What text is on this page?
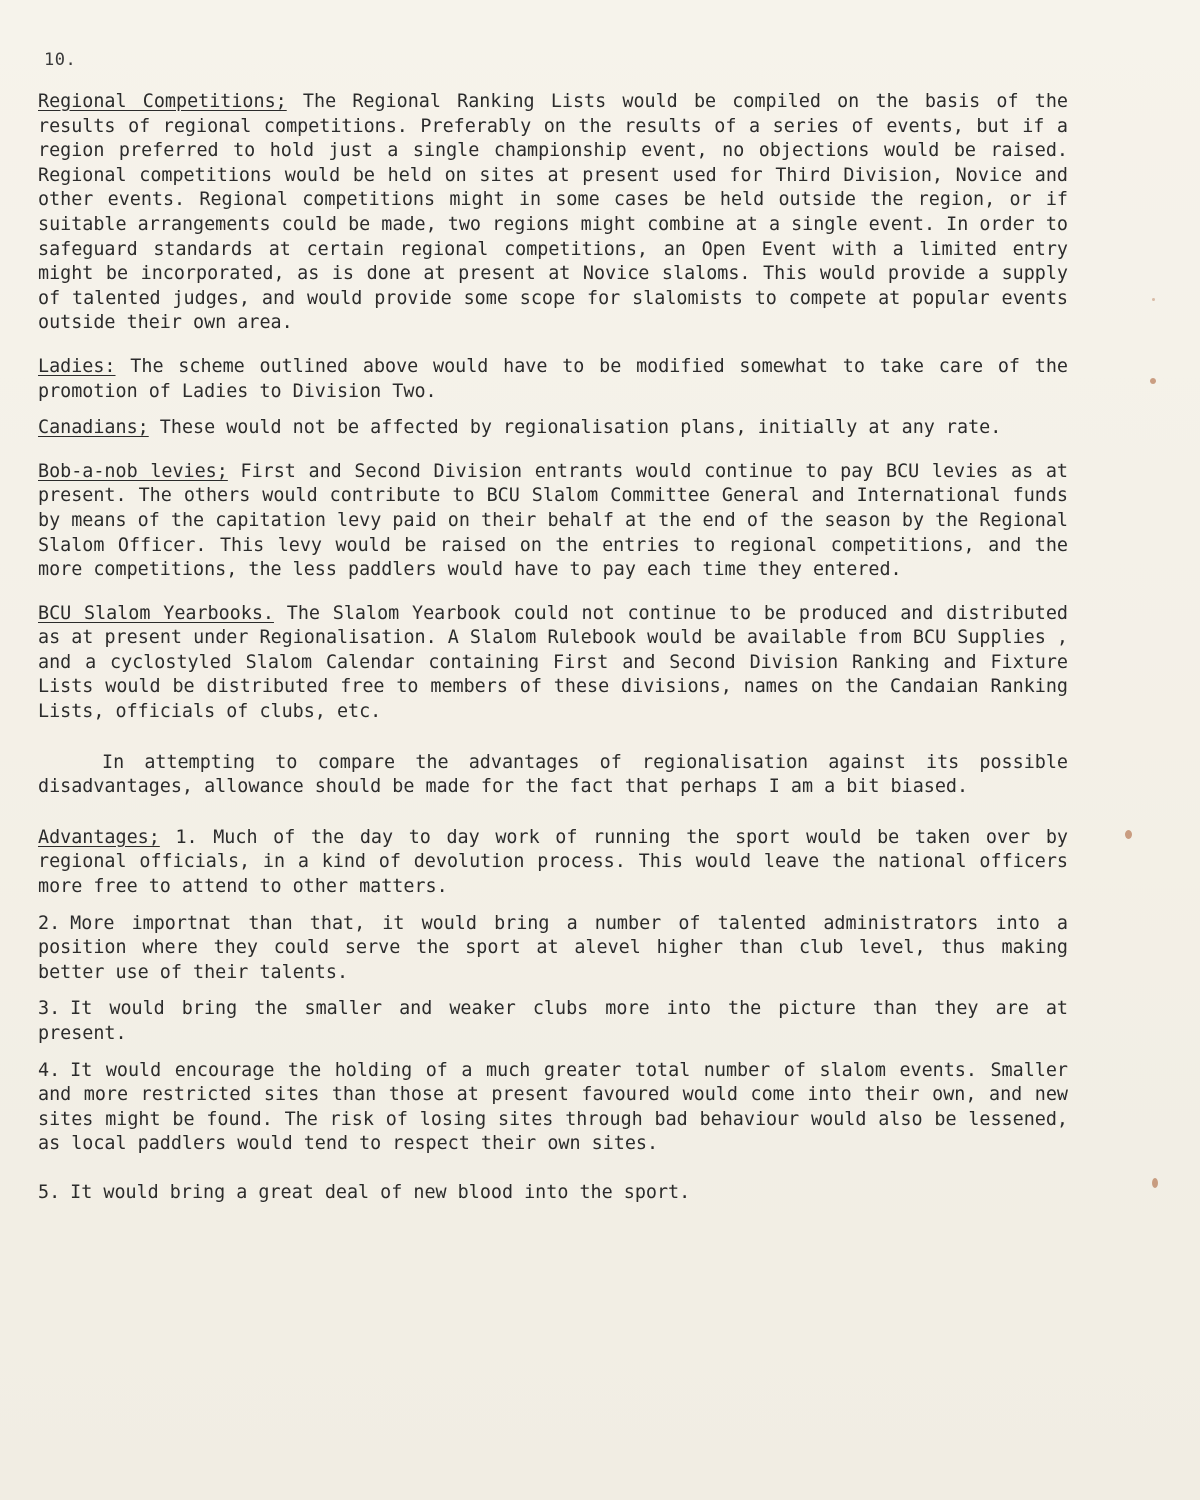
10.

Regional Competitions; The Regional Ranking Lists would be compiled on the basis of the results of regional competitions. Preferably on the results of a series of events, but if a region preferred to hold just a single championship event, no objections would be raised. Regional competitions would be held on sites at present used for Third Division, Novice and other events. Regional competitions might in some cases be held outside the region, or if suitable arrangements could be made, two regions might combine at a single event. In order to safeguard standards at certain regional competitions, an Open Event with a limited entry might be incorporated, as is done at present at Novice slaloms. This would provide a supply of talented judges, and would provide some scope for slalomists to compete at popular events outside their own area.

Ladies: The scheme outlined above would have to be modified somewhat to take care of the promotion of Ladies to Division Two.

Canadians; These would not be affected by regionalisation plans, initially at any rate.

Bob-a-nob levies; First and Second Division entrants would continue to pay BCU levies as at present. The others would contribute to BCU Slalom Committee General and International funds by means of the capitation levy paid on their behalf at the end of the season by the Regional Slalom Officer. This levy would be raised on the entries to regional competitions, and the more competitions, the less paddlers would have to pay each time they entered.

BCU Slalom Yearbooks. The Slalom Yearbook could not continue to be produced and distributed as at present under Regionalisation. A Slalom Rulebook would be available from BCU Supplies , and a cyclostyled Slalom Calendar containing First and Second Division Ranking and Fixture Lists would be distributed free to members of these divisions, names on the Candaian Ranking Lists, officials of clubs, etc.

In attempting to compare the advantages of regionalisation against its possible disadvantages, allowance should be made for the fact that perhaps I am a bit biased.

Advantages; 1. Much of the day to day work of running the sport would be taken over by regional officials, in a kind of devolution process. This would leave the national officers more free to attend to other matters.

2. More importnat than that, it would bring a number of talented administrators into a position where they could serve the sport at alevel higher than club level, thus making better use of their talents.

3. It would bring the smaller and weaker clubs more into the picture than they are at present.

4. It would encourage the holding of a much greater total number of slalom events. Smaller and more restricted sites than those at present favoured would come into their own, and new sites might be found. The risk of losing sites through bad behaviour would also be lessened, as local paddlers would tend to respect their own sites.

5. It would bring a great deal of new blood into the sport.
